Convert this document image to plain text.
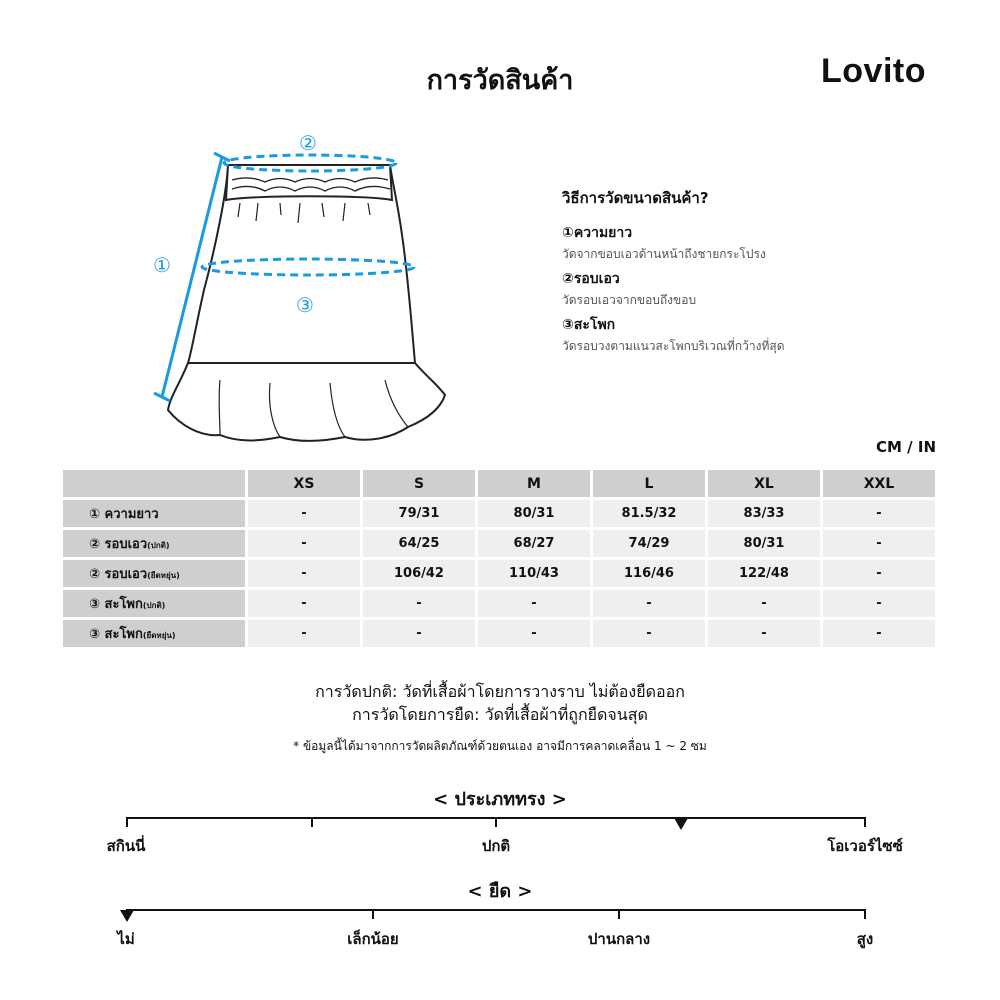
การวัดสินค้า	Lovito
①
②
③
วิธีการวัดขนาดสินค้า?
①ความยาว
วัดจากขอบเอวด้านหน้าถึงชายกระโปรง
②รอบเอว
วัดรอบเอวจากขอบถึงขอบ
③สะโพก
วัดรอบวงตามแนวสะโพกบริเวณที่กว้างที่สุด
CM / IN
	XS	S	M	L	XL	XXL
① ความยาว	-	79/31	80/31	81.5/32	83/33	-
② รอบเอว(ปกติ)	-	64/25	68/27	74/29	80/31	-
② รอบเอว(ยืดหยุ่น)	-	106/42	110/43	116/46	122/48	-
③ สะโพก(ปกติ)	-	-	-	-	-	-
③ สะโพก(ยืดหยุ่น)	-	-	-	-	-	-
การวัดปกติ: วัดที่เสื้อผ้าโดยการวางราบ ไม่ต้องยืดออก
การวัดโดยการยืด: วัดที่เสื้อผ้าที่ถูกยืดจนสุด
* ข้อมูลนี้ได้มาจากการวัดผลิตภัณฑ์ด้วยตนเอง อาจมีการคลาดเคลื่อน 1 ~ 2 ซม
< ประเภททรง >
สกินนี่	ปกติ	โอเวอร์ไซซ์
< ยืด >
ไม่	เล็กน้อย	ปานกลาง	สูง
